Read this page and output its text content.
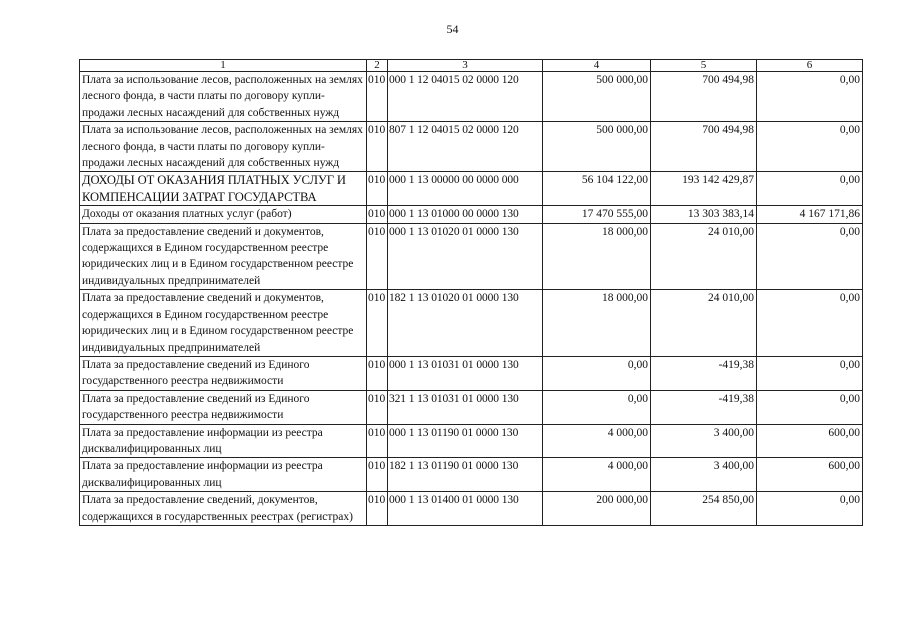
54
1	2	3	4	5	6
Плата за использование лесов, расположенных на землях лесного фонда, в части платы по договору купли-продажи лесных насаждений для собственных нужд	010	000 1 12 04015 02 0000 120	500 000,00	700 494,98	0,00
Плата за использование лесов, расположенных на землях лесного фонда, в части платы по договору купли-продажи лесных насаждений для собственных нужд	010	807 1 12 04015 02 0000 120	500 000,00	700 494,98	0,00
ДОХОДЫ ОТ ОКАЗАНИЯ ПЛАТНЫХ УСЛУГ И КОМПЕНСАЦИИ ЗАТРАТ ГОСУДАРСТВА	010	000 1 13 00000 00 0000 000	56 104 122,00	193 142 429,87	0,00
Доходы от оказания платных услуг (работ)	010	000 1 13 01000 00 0000 130	17 470 555,00	13 303 383,14	4 167 171,86
Плата за предоставление сведений и документов, содержащихся в Едином государственном реестре юридических лиц и в Едином государственном реестре индивидуальных предпринимателей	010	000 1 13 01020 01 0000 130	18 000,00	24 010,00	0,00
Плата за предоставление сведений и документов, содержащихся в Едином государственном реестре юридических лиц и в Едином государственном реестре индивидуальных предпринимателей	010	182 1 13 01020 01 0000 130	18 000,00	24 010,00	0,00
Плата за предоставление сведений из Единого государственного реестра недвижимости	010	000 1 13 01031 01 0000 130	0,00	-419,38	0,00
Плата за предоставление сведений из Единого государственного реестра недвижимости	010	321 1 13 01031 01 0000 130	0,00	-419,38	0,00
Плата за предоставление информации из реестра дисквалифицированных лиц	010	000 1 13 01190 01 0000 130	4 000,00	3 400,00	600,00
Плата за предоставление информации из реестра дисквалифицированных лиц	010	182 1 13 01190 01 0000 130	4 000,00	3 400,00	600,00
Плата за предоставление сведений, документов, содержащихся в государственных реестрах (регистрах)	010	000 1 13 01400 01 0000 130	200 000,00	254 850,00	0,00
